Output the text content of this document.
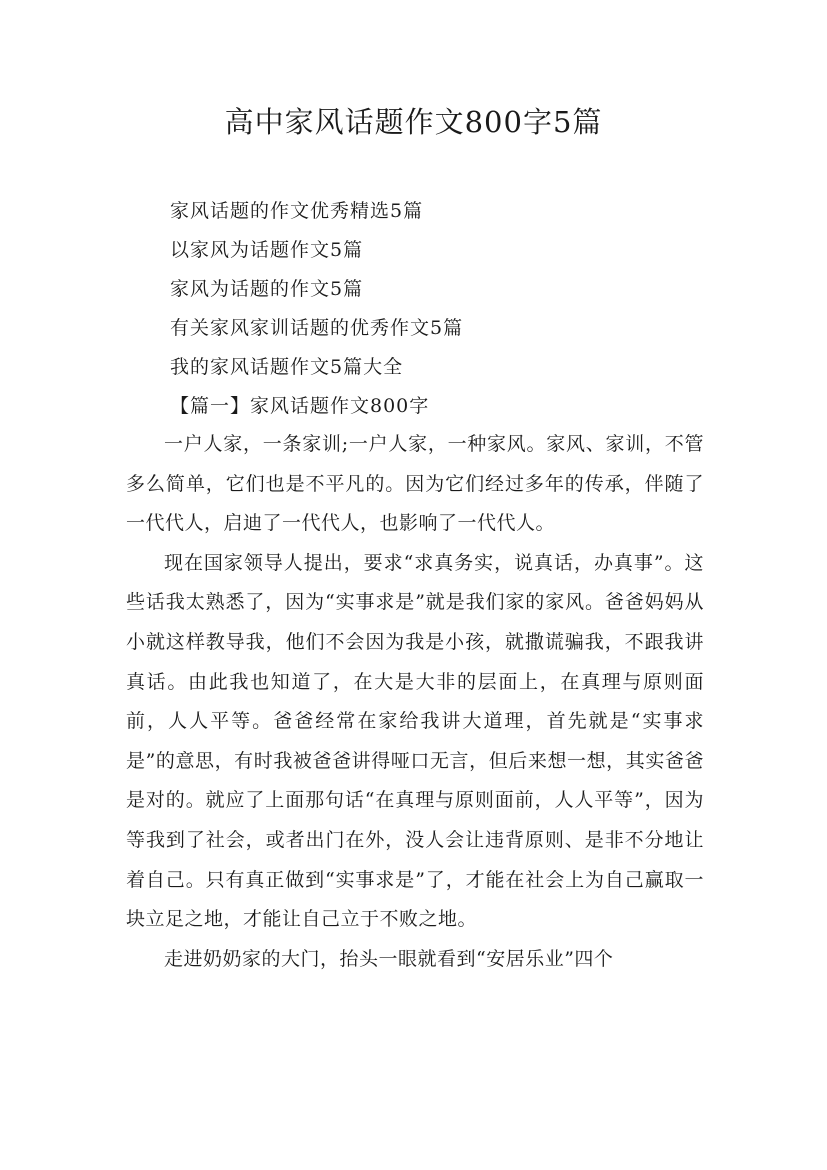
高中家风话题作文800字5篇
家风话题的作文优秀精选5篇
以家风为话题作文5篇
家风为话题的作文5篇
有关家风家训话题的优秀作文5篇
我的家风话题作文5篇大全
【篇一】家风话题作文800字

一户人家，一条家训;一户人家，一种家风。家风、家训，不管多么简单，它们也是不平凡的。因为它们经过多年的传承，伴随了一代代人，启迪了一代代人，也影响了一代代人。

现在国家领导人提出，要求“求真务实，说真话，办真事”。这些话我太熟悉了，因为“实事求是”就是我们家的家风。爸爸妈妈从小就这样教导我，他们不会因为我是小孩，就撒谎骗我，不跟我讲真话。由此我也知道了，在大是大非的层面上，在真理与原则面前，人人平等。爸爸经常在家给我讲大道理，首先就是“实事求是”的意思，有时我被爸爸讲得哑口无言，但后来想一想，其实爸爸是对的。就应了上面那句话“在真理与原则面前，人人平等”，因为等我到了社会，或者出门在外，没人会让违背原则、是非不分地让着自己。只有真正做到“实事求是”了，才能在社会上为自己赢取一块立足之地，才能让自己立于不败之地。

走进奶奶家的大门，抬头一眼就看到“安居乐业”四个
